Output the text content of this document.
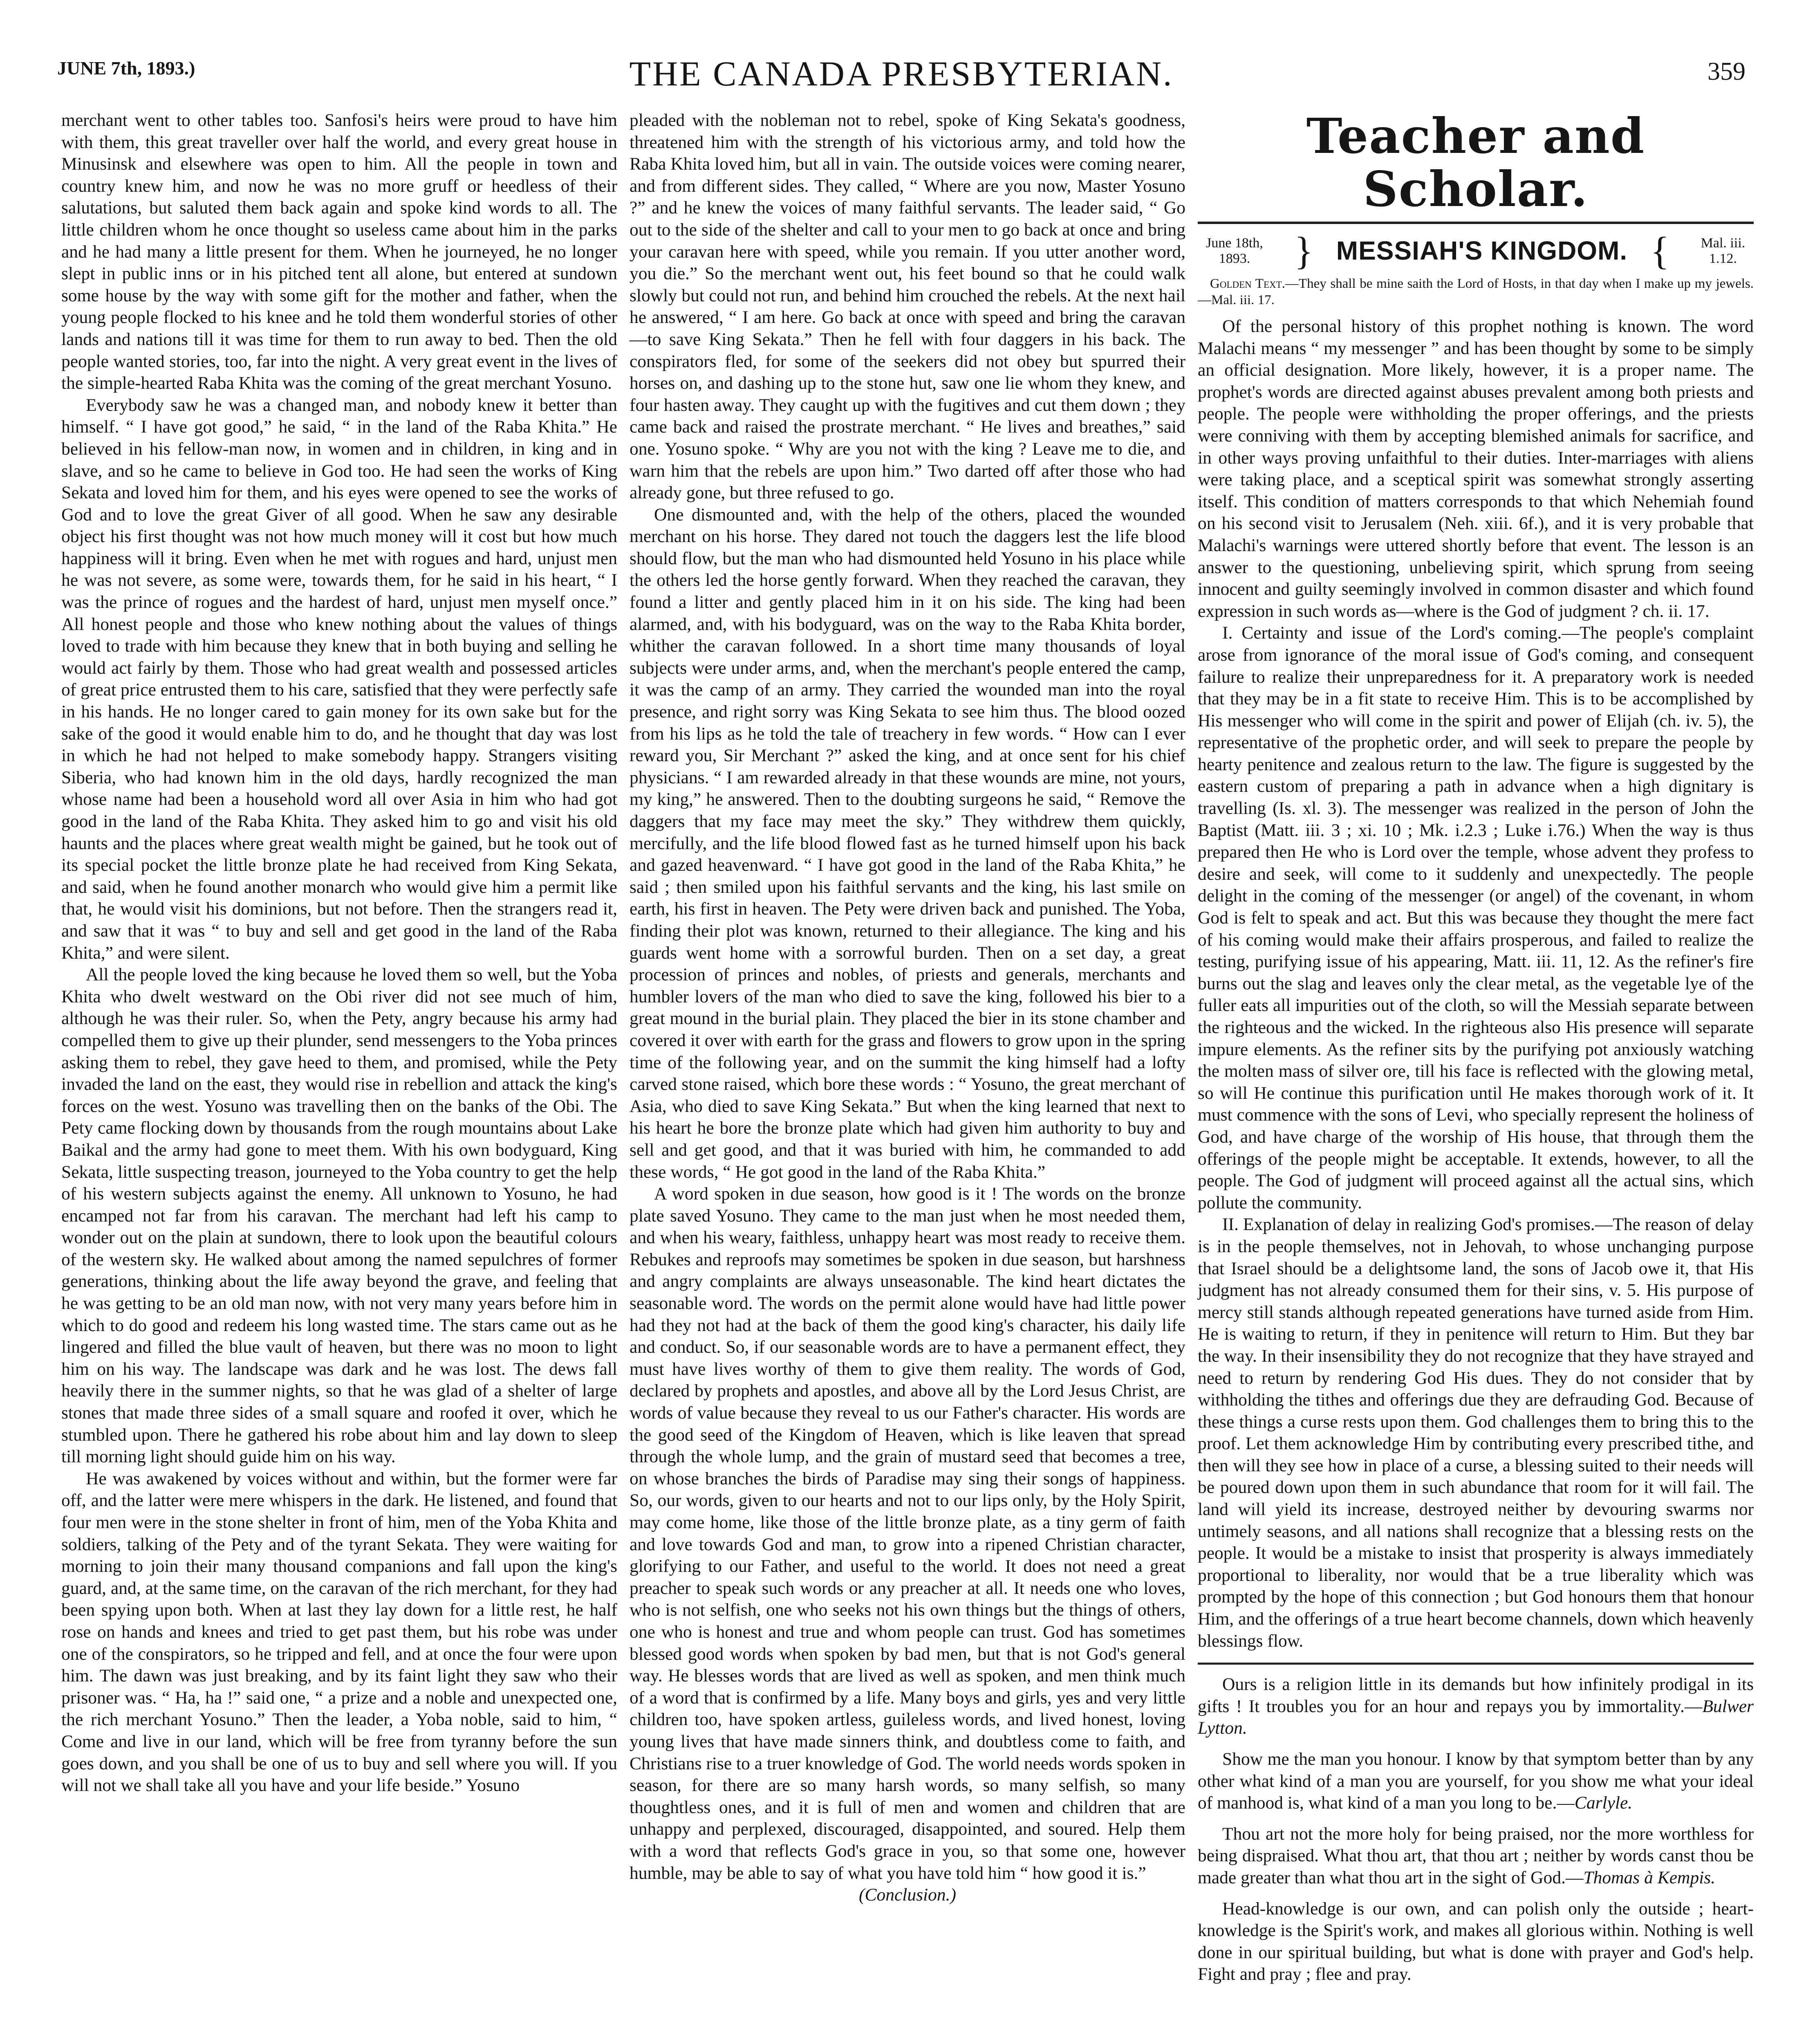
JUNE 7th, 1893.)	THE CANADA PRESBYTERIAN.	359

merchant went to other tables too. Sanfosi's heirs were proud to have him with them, this great traveller over half the world, and every great house in Minusinsk and elsewhere was open to him. All the people in town and country knew him, and now he was no more gruff or heedless of their salutations, but saluted them back again and spoke kind words to all. The little children whom he once thought so useless came about him in the parks and he had many a little present for them. When he journeyed, he no longer slept in public inns or in his pitched tent all alone, but entered at sundown some house by the way with some gift for the mother and father, when the young people flocked to his knee and he told them wonderful stories of other lands and nations till it was time for them to run away to bed. Then the old people wanted stories, too, far into the night. A very great event in the lives of the simple-hearted Raba Khita was the coming of the great merchant Yosuno.

Everybody saw he was a changed man, and nobody knew it better than himself. “ I have got good,” he said, “ in the land of the Raba Khita.” He believed in his fellow-man now, in women and in children, in king and in slave, and so he came to believe in God too. He had seen the works of King Sekata and loved him for them, and his eyes were opened to see the works of God and to love the great Giver of all good. When he saw any desirable object his first thought was not how much money will it cost but how much happiness will it bring. Even when he met with rogues and hard, unjust men he was not severe, as some were, towards them, for he said in his heart, “ I was the prince of rogues and the hardest of hard, unjust men myself once.” All honest people and those who knew nothing about the values of things loved to trade with him because they knew that in both buying and selling he would act fairly by them. Those who had great wealth and possessed articles of great price entrusted them to his care, satisfied that they were perfectly safe in his hands. He no longer cared to gain money for its own sake but for the sake of the good it would enable him to do, and he thought that day was lost in which he had not helped to make somebody happy. Strangers visiting Siberia, who had known him in the old days, hardly recognized the man whose name had been a household word all over Asia in him who had got good in the land of the Raba Khita. They asked him to go and visit his old haunts and the places where great wealth might be gained, but he took out of its special pocket the little bronze plate he had received from King Sekata, and said, when he found another monarch who would give him a permit like that, he would visit his dominions, but not before. Then the strangers read it, and saw that it was “ to buy and sell and get good in the land of the Raba Khita,” and were silent.

All the people loved the king because he loved them so well, but the Yoba Khita who dwelt westward on the Obi river did not see much of him, although he was their ruler. So, when the Pety, angry because his army had compelled them to give up their plunder, send messengers to the Yoba princes asking them to rebel, they gave heed to them, and promised, while the Pety invaded the land on the east, they would rise in rebellion and attack the king's forces on the west. Yosuno was travelling then on the banks of the Obi. The Pety came flocking down by thousands from the rough mountains about Lake Baikal and the army had gone to meet them. With his own bodyguard, King Sekata, little suspecting treason, journeyed to the Yoba country to get the help of his western subjects against the enemy. All unknown to Yosuno, he had encamped not far from his caravan. The merchant had left his camp to wonder out on the plain at sundown, there to look upon the beautiful colours of the western sky. He walked about among the named sepulchres of former generations, thinking about the life away beyond the grave, and feeling that he was getting to be an old man now, with not very many years before him in which to do good and redeem his long wasted time. The stars came out as he lingered and filled the blue vault of heaven, but there was no moon to light him on his way. The landscape was dark and he was lost. The dews fall heavily there in the summer nights, so that he was glad of a shelter of large stones that made three sides of a small square and roofed it over, which he stumbled upon. There he gathered his robe about him and lay down to sleep till morning light should guide him on his way.

He was awakened by voices without and within, but the former were far off, and the latter were mere whispers in the dark. He listened, and found that four men were in the stone shelter in front of him, men of the Yoba Khita and soldiers, talking of the Pety and of the tyrant Sekata. They were waiting for morning to join their many thousand companions and fall upon the king's guard, and, at the same time, on the caravan of the rich merchant, for they had been spying upon both. When at last they lay down for a little rest, he half rose on hands and knees and tried to get past them, but his robe was under one of the conspirators, so he tripped and fell, and at once the four were upon him. The dawn was just breaking, and by its faint light they saw who their prisoner was. “ Ha, ha !” said one, “ a prize and a noble and unexpected one, the rich merchant Yosuno.” Then the leader, a Yoba noble, said to him, “ Come and live in our land, which will be free from tyranny before the sun goes down, and you shall be one of us to buy and sell where you will. If you will not we shall take all you have and your life beside.” Yosuno

pleaded with the nobleman not to rebel, spoke of King Sekata's goodness, threatened him with the strength of his victorious army, and told how the Raba Khita loved him, but all in vain. The outside voices were coming nearer, and from different sides. They called, “ Where are you now, Master Yosuno ?” and he knew the voices of many faithful servants. The leader said, “ Go out to the side of the shelter and call to your men to go back at once and bring your caravan here with speed, while you remain. If you utter another word, you die.” So the merchant went out, his feet bound so that he could walk slowly but could not run, and behind him crouched the rebels. At the next hail he answered, “ I am here. Go back at once with speed and bring the caravan—to save King Sekata.” Then he fell with four daggers in his back. The conspirators fled, for some of the seekers did not obey but spurred their horses on, and dashing up to the stone hut, saw one lie whom they knew, and four hasten away. They caught up with the fugitives and cut them down ; they came back and raised the prostrate merchant. “ He lives and breathes,” said one. Yosuno spoke. “ Why are you not with the king ? Leave me to die, and warn him that the rebels are upon him.” Two darted off after those who had already gone, but three refused to go.

One dismounted and, with the help of the others, placed the wounded merchant on his horse. They dared not touch the daggers lest the life blood should flow, but the man who had dismounted held Yosuno in his place while the others led the horse gently forward. When they reached the caravan, they found a litter and gently placed him in it on his side. The king had been alarmed, and, with his bodyguard, was on the way to the Raba Khita border, whither the caravan followed. In a short time many thousands of loyal subjects were under arms, and, when the merchant's people entered the camp, it was the camp of an army. They carried the wounded man into the royal presence, and right sorry was King Sekata to see him thus. The blood oozed from his lips as he told the tale of treachery in few words. “ How can I ever reward you, Sir Merchant ?” asked the king, and at once sent for his chief physicians. “ I am rewarded already in that these wounds are mine, not yours, my king,” he answered. Then to the doubting surgeons he said, “ Remove the daggers that my face may meet the sky.” They withdrew them quickly, mercifully, and the life blood flowed fast as he turned himself upon his back and gazed heavenward. “ I have got good in the land of the Raba Khita,” he said ; then smiled upon his faithful servants and the king, his last smile on earth, his first in heaven. The Pety were driven back and punished. The Yoba, finding their plot was known, returned to their allegiance. The king and his guards went home with a sorrowful burden. Then on a set day, a great procession of princes and nobles, of priests and generals, merchants and humbler lovers of the man who died to save the king, followed his bier to a great mound in the burial plain. They placed the bier in its stone chamber and covered it over with earth for the grass and flowers to grow upon in the spring time of the following year, and on the summit the king himself had a lofty carved stone raised, which bore these words : “ Yosuno, the great merchant of Asia, who died to save King Sekata.” But when the king learned that next to his heart he bore the bronze plate which had given him authority to buy and sell and get good, and that it was buried with him, he commanded to add these words, “ He got good in the land of the Raba Khita.”

A word spoken in due season, how good is it ! The words on the bronze plate saved Yosuno. They came to the man just when he most needed them, and when his weary, faithless, unhappy heart was most ready to receive them. Rebukes and reproofs may sometimes be spoken in due season, but harshness and angry complaints are always unseasonable. The kind heart dictates the seasonable word. The words on the permit alone would have had little power had they not had at the back of them the good king's character, his daily life and conduct. So, if our seasonable words are to have a permanent effect, they must have lives worthy of them to give them reality. The words of God, declared by prophets and apostles, and above all by the Lord Jesus Christ, are words of value because they reveal to us our Father's character. His words are the good seed of the Kingdom of Heaven, which is like leaven that spread through the whole lump, and the grain of mustard seed that becomes a tree, on whose branches the birds of Paradise may sing their songs of happiness. So, our words, given to our hearts and not to our lips only, by the Holy Spirit, may come home, like those of the little bronze plate, as a tiny germ of faith and love towards God and man, to grow into a ripened Christian character, glorifying to our Father, and useful to the world. It does not need a great preacher to speak such words or any preacher at all. It needs one who loves, who is not selfish, one who seeks not his own things but the things of others, one who is honest and true and whom people can trust. God has sometimes blessed good words when spoken by bad men, but that is not God's general way. He blesses words that are lived as well as spoken, and men think much of a word that is confirmed by a life. Many boys and girls, yes and very little children too, have spoken artless, guileless words, and lived honest, loving young lives that have made sinners think, and doubtless come to faith, and Christians rise to a truer knowledge of God. The world needs words spoken in season, for there are so many harsh words, so many selfish, so many thoughtless ones, and it is full of men and women and children that are unhappy and perplexed, discouraged, disappointed, and soured. Help them with a word that reflects God's grace in you, so that some one, however humble, may be able to say of what you have told him “ how good it is.”

(Conclusion.)

Teacher and Scholar.
June 18th,
1893.	} MESSIAH'S KINGDOM. {	Mal. iii.
1.12.
Golden Text.—They shall be mine saith the Lord of Hosts, in that day when I make up my jewels.—Mal. iii. 17.

Of the personal history of this prophet nothing is known. The word Malachi means “ my messenger ” and has been thought by some to be simply an official designation. More likely, however, it is a proper name. The prophet's words are directed against abuses prevalent among both priests and people. The people were withholding the proper offerings, and the priests were conniving with them by accepting blemished animals for sacrifice, and in other ways proving unfaithful to their duties. Inter-marriages with aliens were taking place, and a sceptical spirit was somewhat strongly asserting itself. This condition of matters corresponds to that which Nehemiah found on his second visit to Jerusalem (Neh. xiii. 6f.), and it is very probable that Malachi's warnings were uttered shortly before that event. The lesson is an answer to the questioning, unbelieving spirit, which sprung from seeing innocent and guilty seemingly involved in common disaster and which found expression in such words as—where is the God of judgment ? ch. ii. 17.

I. Certainty and issue of the Lord's coming.—The people's complaint arose from ignorance of the moral issue of God's coming, and consequent failure to realize their unpreparedness for it. A preparatory work is needed that they may be in a fit state to receive Him. This is to be accomplished by His messenger who will come in the spirit and power of Elijah (ch. iv. 5), the representative of the prophetic order, and will seek to prepare the people by hearty penitence and zealous return to the law. The figure is suggested by the eastern custom of preparing a path in advance when a high dignitary is travelling (Is. xl. 3). The messenger was realized in the person of John the Baptist (Matt. iii. 3 ; xi. 10 ; Mk. i.2.3 ; Luke i.76.) When the way is thus prepared then He who is Lord over the temple, whose advent they profess to desire and seek, will come to it suddenly and unexpectedly. The people delight in the coming of the messenger (or angel) of the covenant, in whom God is felt to speak and act. But this was because they thought the mere fact of his coming would make their affairs prosperous, and failed to realize the testing, purifying issue of his appearing, Matt. iii. 11, 12. As the refiner's fire burns out the slag and leaves only the clear metal, as the vegetable lye of the fuller eats all impurities out of the cloth, so will the Messiah separate between the righteous and the wicked. In the righteous also His presence will separate impure elements. As the refiner sits by the purifying pot anxiously watching the molten mass of silver ore, till his face is reflected with the glowing metal, so will He continue this purification until He makes thorough work of it. It must commence with the sons of Levi, who specially represent the holiness of God, and have charge of the worship of His house, that through them the offerings of the people might be acceptable. It extends, however, to all the people. The God of judgment will proceed against all the actual sins, which pollute the community.

II. Explanation of delay in realizing God's promises.—The reason of delay is in the people themselves, not in Jehovah, to whose unchanging purpose that Israel should be a delightsome land, the sons of Jacob owe it, that His judgment has not already consumed them for their sins, v. 5. His purpose of mercy still stands although repeated generations have turned aside from Him. He is waiting to return, if they in penitence will return to Him. But they bar the way. In their insensibility they do not recognize that they have strayed and need to return by rendering God His dues. They do not consider that by withholding the tithes and offerings due they are defrauding God. Because of these things a curse rests upon them. God challenges them to bring this to the proof. Let them acknowledge Him by contributing every prescribed tithe, and then will they see how in place of a curse, a blessing suited to their needs will be poured down upon them in such abundance that room for it will fail. The land will yield its increase, destroyed neither by devouring swarms nor untimely seasons, and all nations shall recognize that a blessing rests on the people. It would be a mistake to insist that prosperity is always immediately proportional to liberality, nor would that be a true liberality which was prompted by the hope of this connection ; but God honours them that honour Him, and the offerings of a true heart become channels, down which heavenly blessings flow.

Ours is a religion little in its demands but how infinitely prodigal in its gifts ! It troubles you for an hour and repays you by immortality.—Bulwer Lytton.

Show me the man you honour. I know by that symptom better than by any other what kind of a man you are yourself, for you show me what your ideal of manhood is, what kind of a man you long to be.—Carlyle.

Thou art not the more holy for being praised, nor the more worthless for being dispraised. What thou art, that thou art ; neither by words canst thou be made greater than what thou art in the sight of God.—Thomas à Kempis.

Head-knowledge is our own, and can polish only the outside ; heart-knowledge is the Spirit's work, and makes all glorious within. Nothing is well done in our spiritual building, but what is done with prayer and God's help. Fight and pray ; flee and pray.
